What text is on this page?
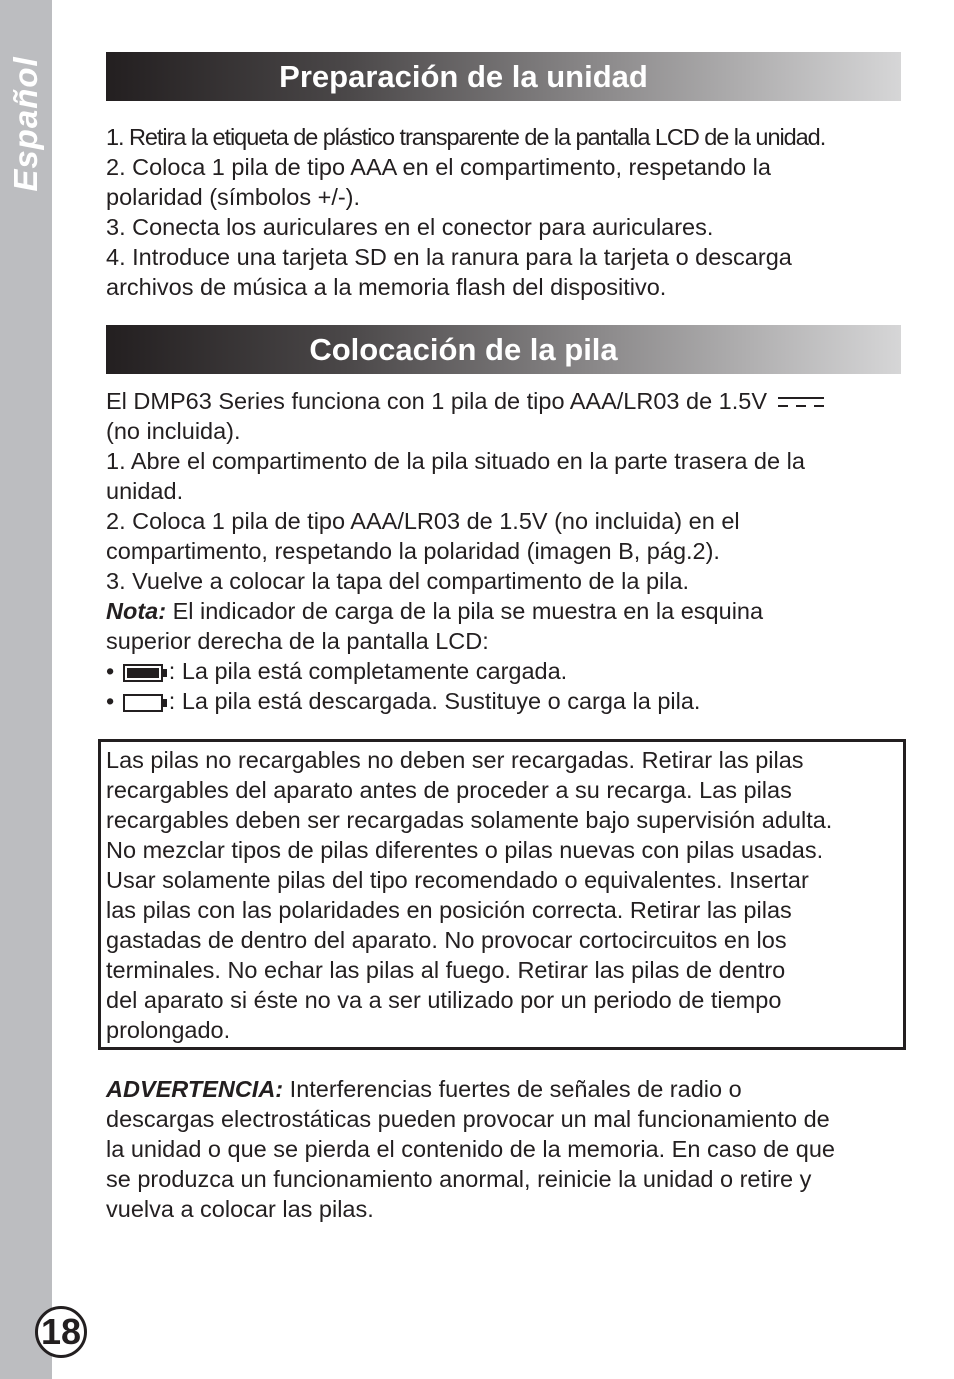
Español
18
Preparación de la unidad

1. Retira la etiqueta de plástico transparente de la pantalla LCD de la unidad.

2. Coloca 1 pila de tipo AAA en el compartimento, respetando la

polaridad (símbolos +/-).

3. Conecta los auriculares en el conector para auriculares.

4. Introduce una tarjeta SD en la ranura para la tarjeta o descarga

archivos de música a la memoria flash del dispositivo.

Colocación de la pila

El DMP63 Series funciona con 1 pila de tipo AAA/LR03 de 1.5V

(no incluida).

1. Abre el compartimento de la pila situado en la parte trasera de la

unidad.

2. Coloca 1 pila de tipo AAA/LR03 de 1.5V (no incluida) en el

compartimento, respetando la polaridad (imagen B, pág.2).

3. Vuelve a colocar la tapa del compartimento de la pila.

Nota: El indicador de carga de la pila se muestra en la esquina

superior derecha de la pantalla LCD:

• : La pila está completamente cargada.

• : La pila está descargada. Sustituye o carga la pila.

Las pilas no recargables no deben ser recargadas. Retirar las pilas

recargables del aparato antes de proceder a su recarga. Las pilas

recargables deben ser recargadas solamente bajo supervisión adulta.

No mezclar tipos de pilas diferentes o pilas nuevas con pilas usadas.

Usar solamente pilas del tipo recomendado o equivalentes. Insertar

las pilas con las polaridades en posición correcta. Retirar las pilas

gastadas de dentro del aparato. No provocar cortocircuitos en los

terminales. No echar las pilas al fuego. Retirar las pilas de dentro

del aparato si éste no va a ser utilizado por un periodo de tiempo

prolongado.

ADVERTENCIA: Interferencias fuertes de señales de radio o

descargas electrostáticas pueden provocar un mal funcionamiento de

la unidad o que se pierda el contenido de la memoria. En caso de que

se produzca un funcionamiento anormal, reinicie la unidad o retire y

vuelva a colocar las pilas.
